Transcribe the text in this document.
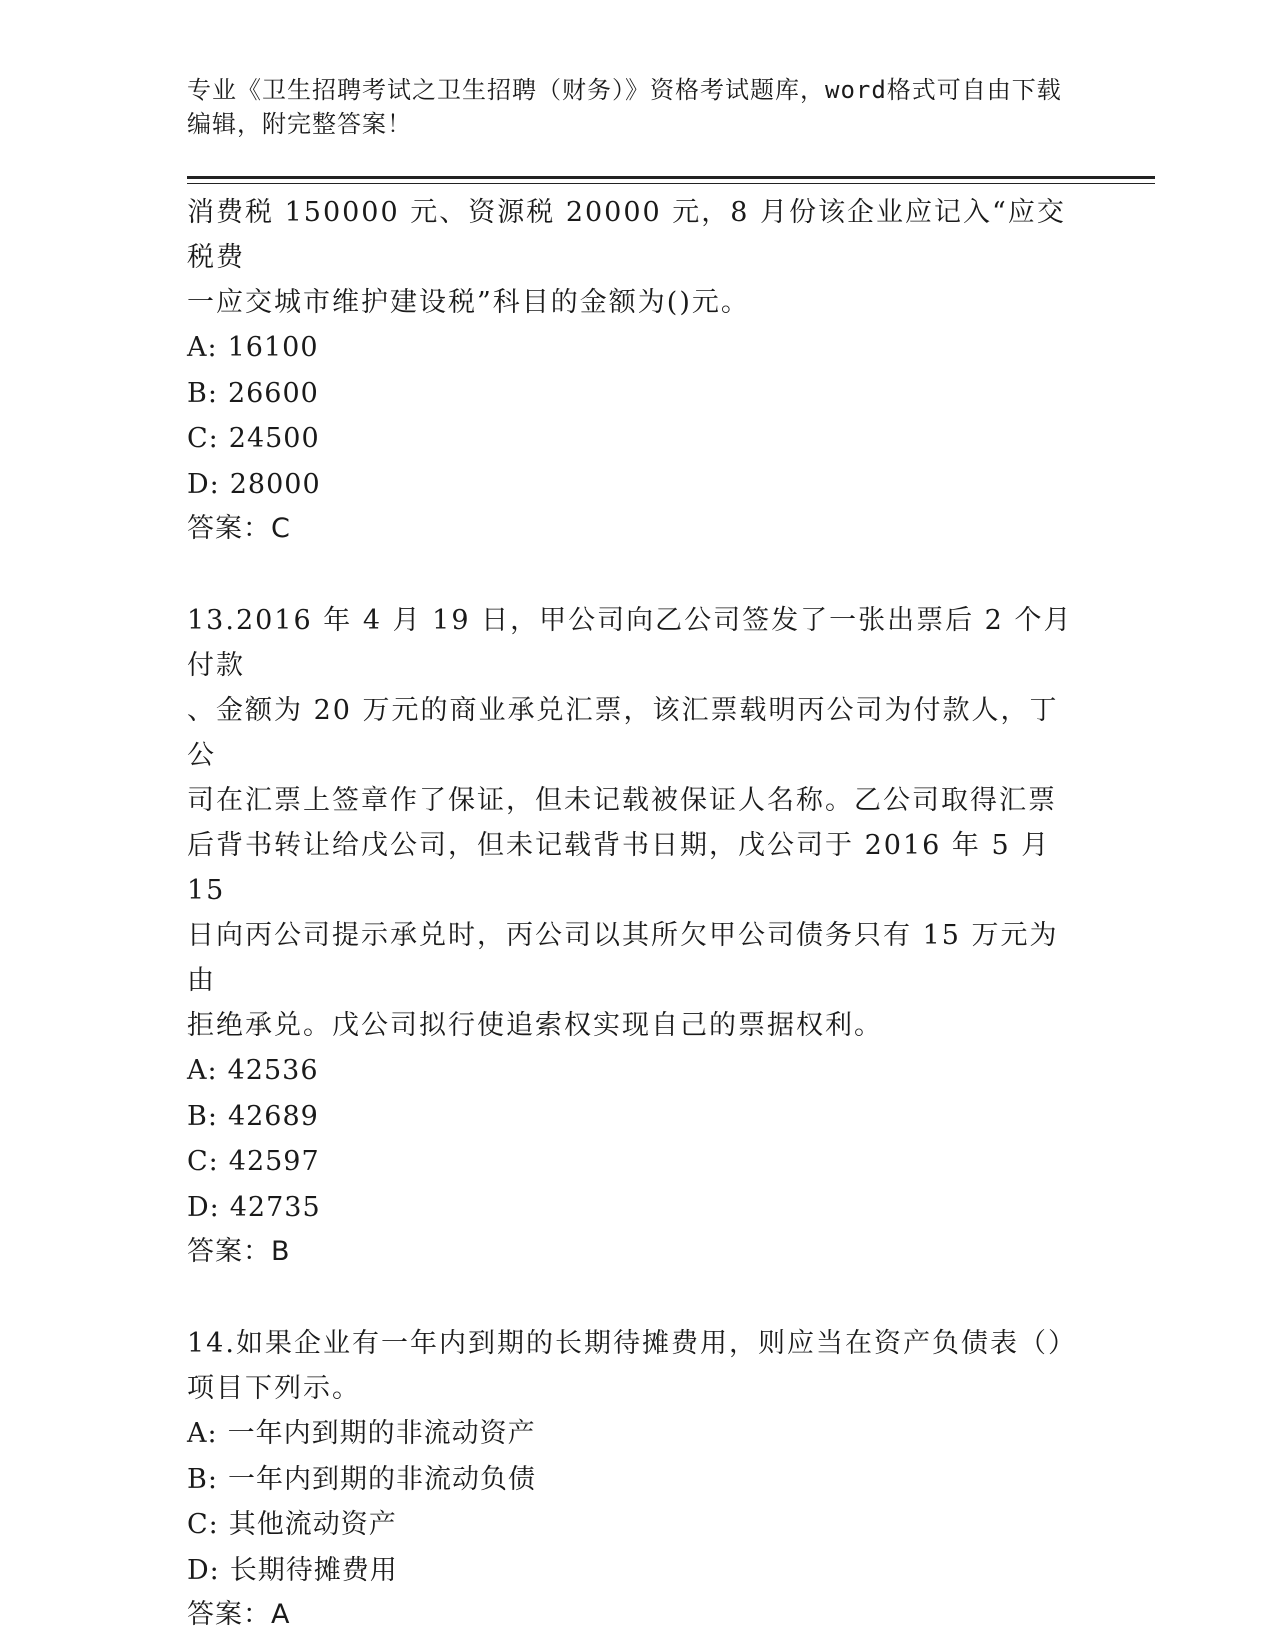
专业《卫生招聘考试之卫生招聘（财务）》资格考试题库，word格式可自由下载
编辑，附完整答案！

消费税 150000 元、资源税 20000 元，8 月份该企业应记入“应交税费
一应交城市维护建设税”科目的金额为()元。

A: 16100
B: 26600
C: 24500
D: 28000
答案：C

13.2016 年 4 月 19 日，甲公司向乙公司签发了一张出票后 2 个月付款
、金额为 20 万元的商业承兑汇票，该汇票载明丙公司为付款人，丁公
司在汇票上签章作了保证，但未记载被保证人名称。乙公司取得汇票
后背书转让给戊公司，但未记载背书日期，戊公司于 2016 年 5 月 15
日向丙公司提示承兑时，丙公司以其所欠甲公司债务只有 15 万元为由
拒绝承兑。戊公司拟行使追索权实现自己的票据权利。

A: 42536
B: 42689
C: 42597
D: 42735
答案：B

14.如果企业有一年内到期的长期待摊费用，则应当在资产负债表（）
项目下列示。

A: 一年内到期的非流动资产
B: 一年内到期的非流动负债
C: 其他流动资产
D: 长期待摊费用
答案：A
